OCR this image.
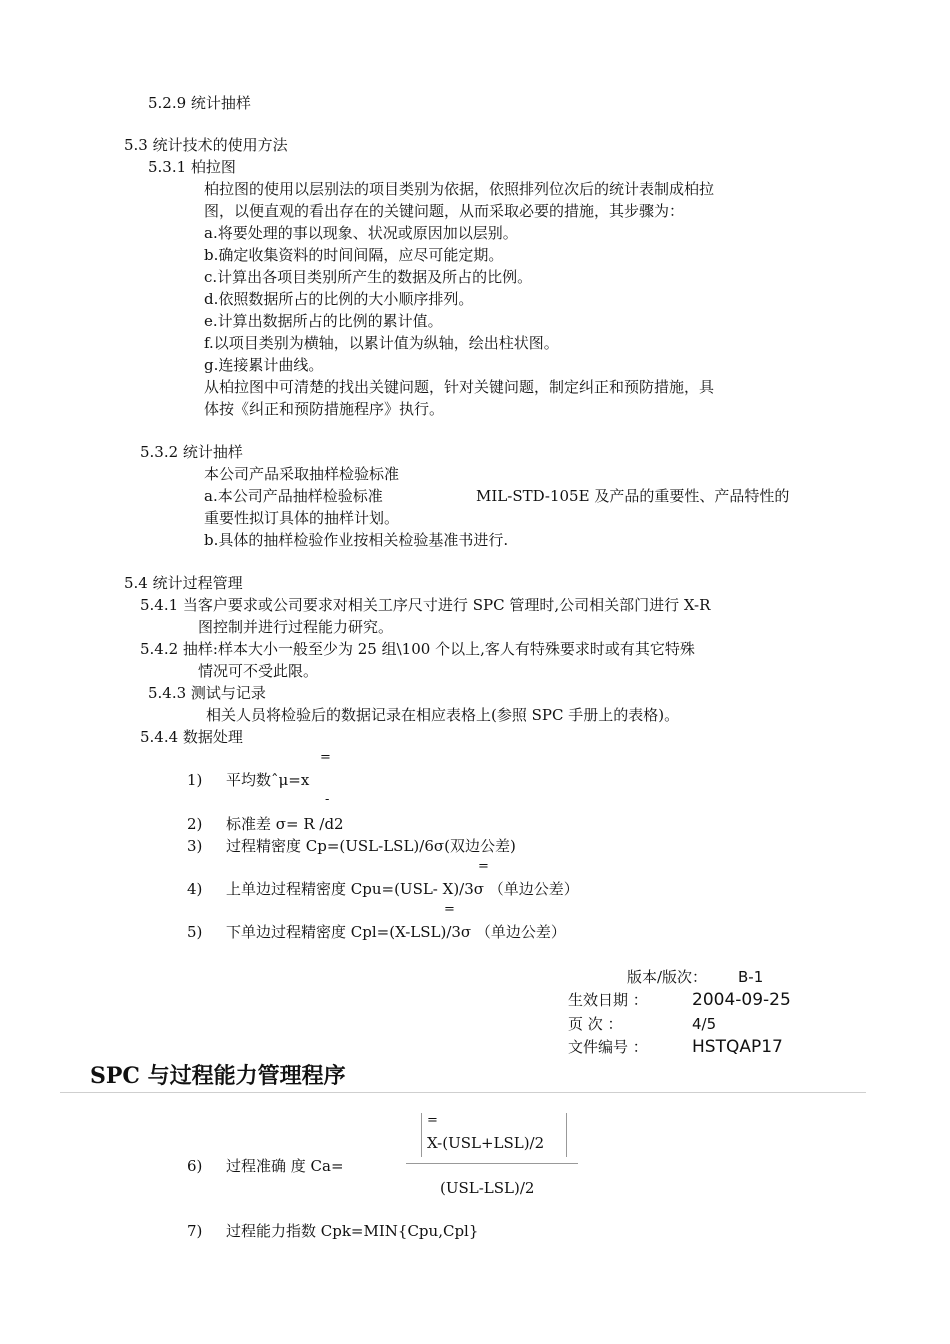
5.2.9 统计抽样
5.3 统计技术的使用方法
5.3.1 柏拉图
柏拉图的使用以层别法的项目类别为依据，依照排列位次后的统计表制成柏拉
图，以便直观的看出存在的关键问题，从而采取必要的措施，其步骤为：
a.将要处理的事以现象、状况或原因加以层别。
b.确定收集资料的时间间隔，应尽可能定期。
c.计算出各项目类别所产生的数据及所占的比例。
d.依照数据所占的比例的大小顺序排列。
e.计算出数据所占的比例的累计值。
f.以项目类别为横轴，以累计值为纵轴，绘出柱状图。
g.连接累计曲线。
从柏拉图中可清楚的找出关键问题，针对关键问题，制定纠正和预防措施，具
体按《纠正和预防措施程序》执行。
5.3.2 统计抽样
本公司产品采取抽样检验标准
a.本公司产品抽样检验标准	MIL-STD-105E 及产品的重要性、产品特性的
重要性拟订具体的抽样计划。
b.具体的抽样检验作业按相关检验基准书进行.
5.4 统计过程管理
5.4.1 当客户要求或公司要求对相关工序尺寸进行 SPC 管理时,公司相关部门进行 X-R
图控制并进行过程能力研究。
5.4.2 抽样:样本大小一般至少为 25 组\100 个以上,客人有特殊要求时或有其它特殊
情况可不受此限。
5.4.3 测试与记录
相关人员将检验后的数据记录在相应表格上(参照 SPC 手册上的表格)。
5.4.4 数据处理
=
1) 平均数ˆμ=x
-
2) 标准差 σ= R /d2
3) 过程精密度 Cp=(USL-LSL)/6σ(双边公差)
=
4) 上单边过程精密度 Cpu=(USL- X)/3σ （单边公差）
=
5) 下单边过程精密度 Cpl=(X-LSL)/3σ （单边公差）
版本/版次： B-1
生效日期 ：	2004-09-25
页 次 ：	4/5
文件编号 ：	HSTQAP17
SPC 与过程能力管理程序
6) 过程准确 度 Ca=
=
X-(USL+LSL)/2
(USL-LSL)/2
7) 过程能力指数 Cpk=MIN{Cpu,Cpl}
